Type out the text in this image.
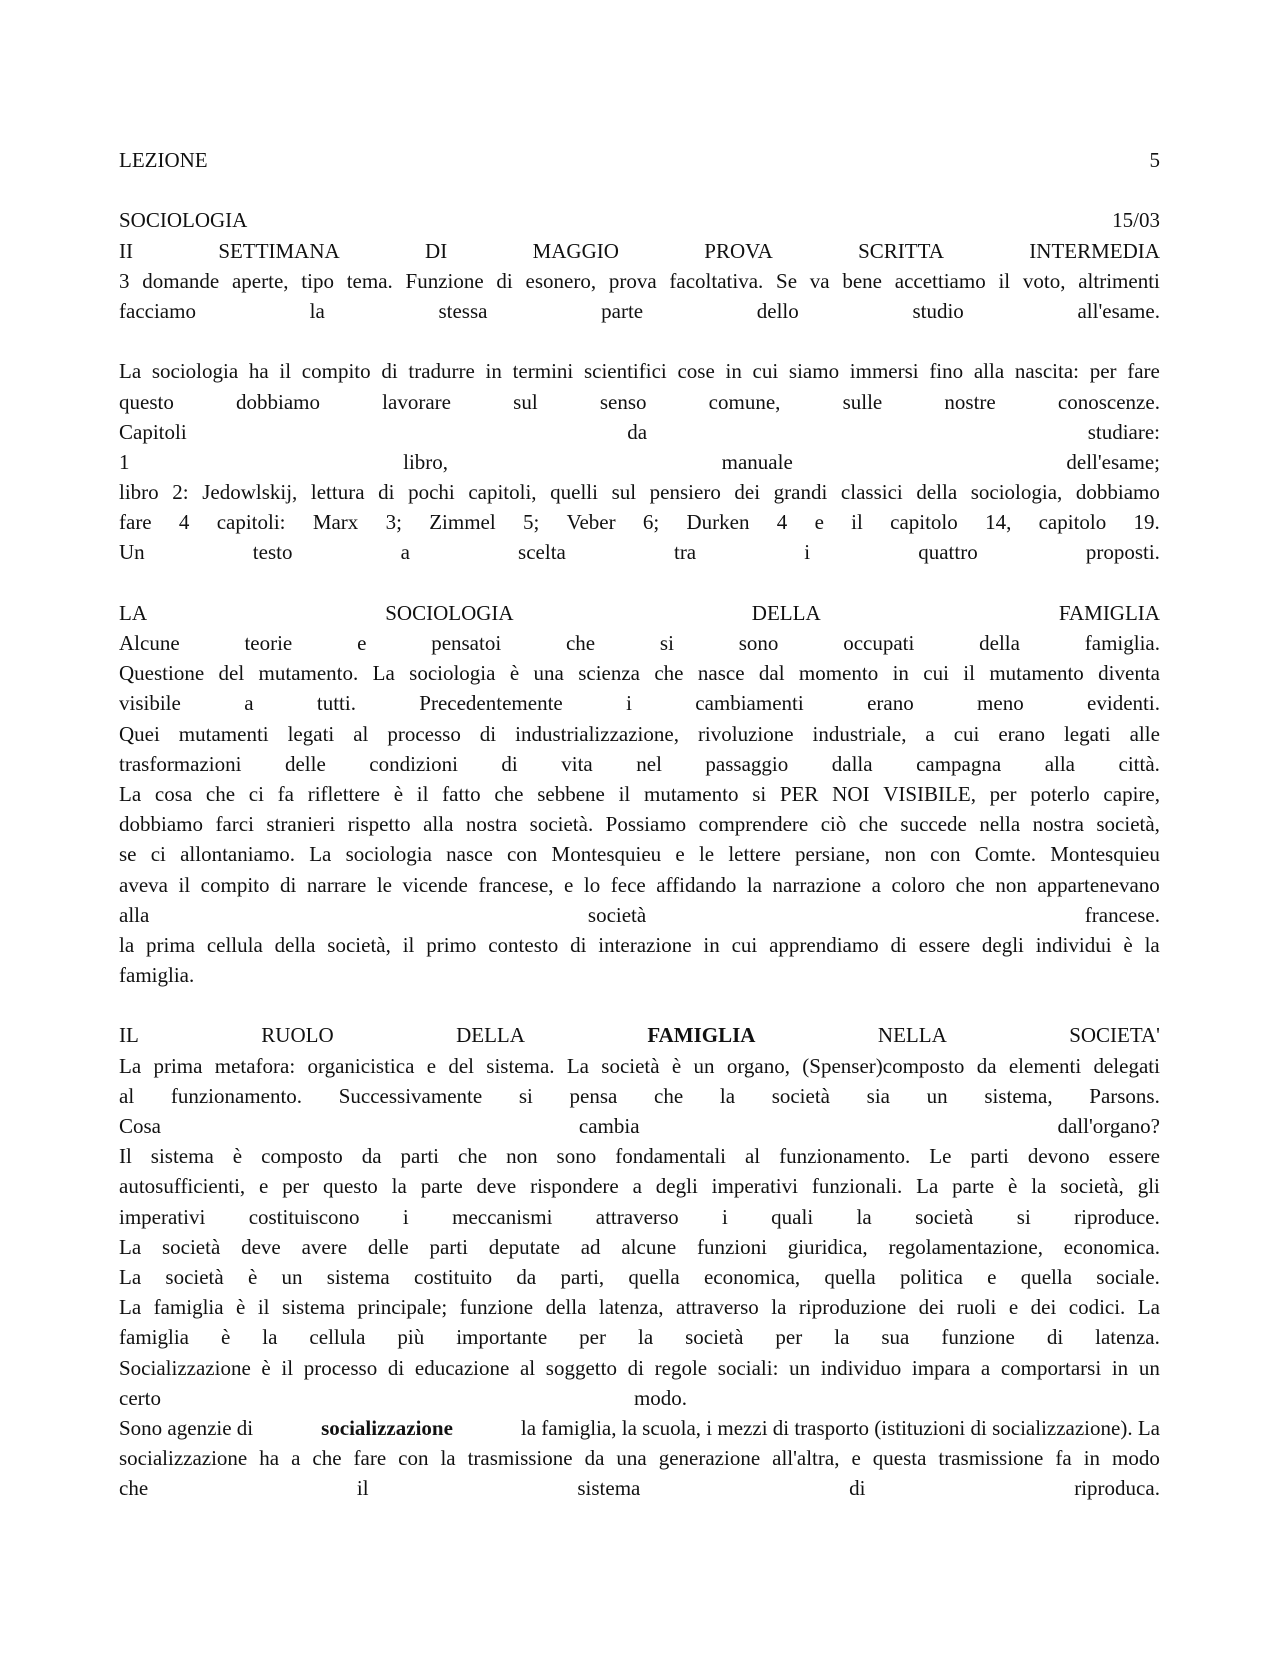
LEZIONE	5
SOCIOLOGIA	15/03
II	SETTIMANA	DI	MAGGIO	PROVA	SCRITTA	INTERMEDIA
3 domande aperte, tipo tema. Funzione di esonero, prova facoltativa. Se va bene accettiamo il voto, altrimenti
facciamo	la	stessa	parte	dello	studio	all'esame.
La sociologia ha il compito di tradurre in termini scientifici cose in cui siamo immersi fino alla nascita: per fare
questo	dobbiamo	lavorare	sul	senso	comune,	sulle	nostre	conoscenze.
Capitoli	da	studiare:
1	libro,	manuale	dell'esame;
libro 2: Jedowlskij, lettura di pochi capitoli, quelli sul pensiero dei grandi classici della sociologia, dobbiamo
fare 4 capitoli: Marx 3; Zimmel 5; Veber 6; Durken 4 e il capitolo 14, capitolo 19.
Un	testo	a	scelta	tra	i	quattro	proposti.
LA	SOCIOLOGIA	DELLA	FAMIGLIA
Alcune	teorie	e	pensatoi	che	si	sono	occupati	della	famiglia.
Questione del mutamento. La sociologia è una scienza che nasce dal momento in cui il mutamento diventa
visibile	a	tutti.	Precedentemente	i	cambiamenti	erano	meno	evidenti.
Quei mutamenti legati al processo di industrializzazione, rivoluzione industriale, a cui erano legati alle
trasformazioni delle condizioni di vita nel passaggio dalla campagna alla città.
La cosa che ci fa riflettere è il fatto che sebbene il mutamento si PER NOI VISIBILE, per poterlo capire,
dobbiamo farci stranieri rispetto alla nostra società. Possiamo comprendere ciò che succede nella nostra società,
se ci allontaniamo. La sociologia nasce con Montesquieu e le lettere persiane, non con Comte. Montesquieu
aveva il compito di narrare le vicende francese, e lo fece affidando la narrazione a coloro che non appartenevano
alla	società	francese.
la prima cellula della società, il primo contesto di interazione in cui apprendiamo di essere degli individui è la
famiglia.
IL	RUOLO	DELLA	FAMIGLIA	NELLA	SOCIETA'
La prima metafora: organicistica e del sistema. La società è un organo, (Spenser)composto da elementi delegati
al funzionamento. Successivamente si pensa che la società sia un sistema, Parsons.
Cosa	cambia	dall'organo?
Il sistema è composto da parti che non sono fondamentali al funzionamento. Le parti devono essere
autosufficienti, e per questo la parte deve rispondere a degli imperativi funzionali. La parte è la società, gli
imperativi costituiscono i meccanismi attraverso i quali la società si riproduce.
La società deve avere delle parti deputate ad alcune funzioni giuridica, regolamentazione, economica.
La società è un sistema costituito da parti, quella economica, quella politica e quella sociale.
La famiglia è il sistema principale; funzione della latenza, attraverso la riproduzione dei ruoli e dei codici. La
famiglia è la cellula più importante per la società per la sua funzione di latenza.
Socializzazione è il processo di educazione al soggetto di regole sociali: un individuo impara a comportarsi in un
certo	modo.
Sono agenzie di	socializzazione	la famiglia, la scuola, i mezzi di trasporto (istituzioni di socializzazione). La
socializzazione ha a che fare con la trasmissione da una generazione all'altra, e questa trasmissione fa in modo
che	il	sistema	di	riproduca.
